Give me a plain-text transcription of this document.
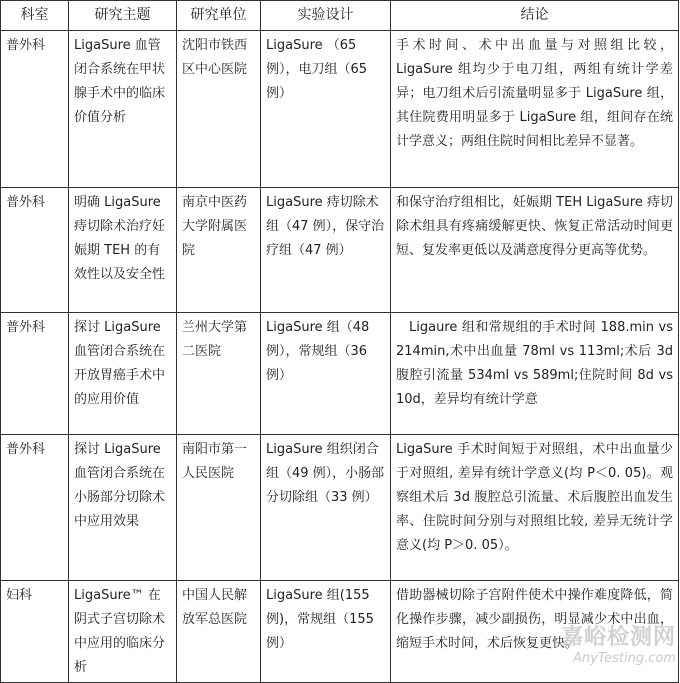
科室	研究主题	研究单位	实验设计	结论
普外科	LigaSure 血管闭合系统在甲状腺手术中的临床价值分析	沈阳市铁西区中心医院	LigaSure （65例），电刀组（65例）	手术时间、术中出血量与对照组比较，LigaSure 组均少于电刀组，两组有统计学差异；电刀组术后引流量明显多于 LigaSure 组，其住院费用明显多于 LigaSure 组，组间存在统计学意义；两组住院时间相比差异不显著。
普外科	明确 LigaSure 痔切除术治疗妊娠期 TEH 的有效性以及安全性	南京中医药大学附属医院	LigaSure 痔切除术组（47 例），保守治疗组（47 例）	和保守治疗组相比，妊娠期 TEH LigaSure 痔切除术组具有疼痛缓解更快、恢复正常活动时间更短、复发率更低以及满意度得分更高等优势。
普外科	探讨 LigaSure 血管闭合系统在开放胃癌手术中的应用价值	兰州大学第二医院	LigaSure 组（48 例），常规组（36 例）	Ligaure 组和常规组的手术时间 188.min vs 214min,术中出血量 78ml vs 113ml;术后 3d 腹腔引流量 534ml vs 589ml;住院时间 8d vs 10d，差异均有统计学意
普外科	探讨 LigaSure 血管闭合系统在小肠部分切除术中应用效果	南阳市第一人民医院	LigaSure 组织闭合组（49 例），小肠部分切除组（33 例）	LigaSure 手术时间短于对照组，术中出血量少于对照组, 差异有统计学意义(均 P＜0. 05)。观察组术后 3d 腹腔总引流量、术后腹腔出血发生率、住院时间分别与对照组比较, 差异无统计学意义(均 P＞0. 05）。
妇科	LigaSure™ 在阴式子宫切除术中应用的临床分析	中国人民解放军总医院	LigaSure 组(155例)，常规组（155例）	借助器械切除子宫附件使术中操作难度降低，简化操作步骤，减少副损伤，明显减少术中出血，缩短手术时间，术后恢复更快。
嘉峪检测网
AnyTesting.com
